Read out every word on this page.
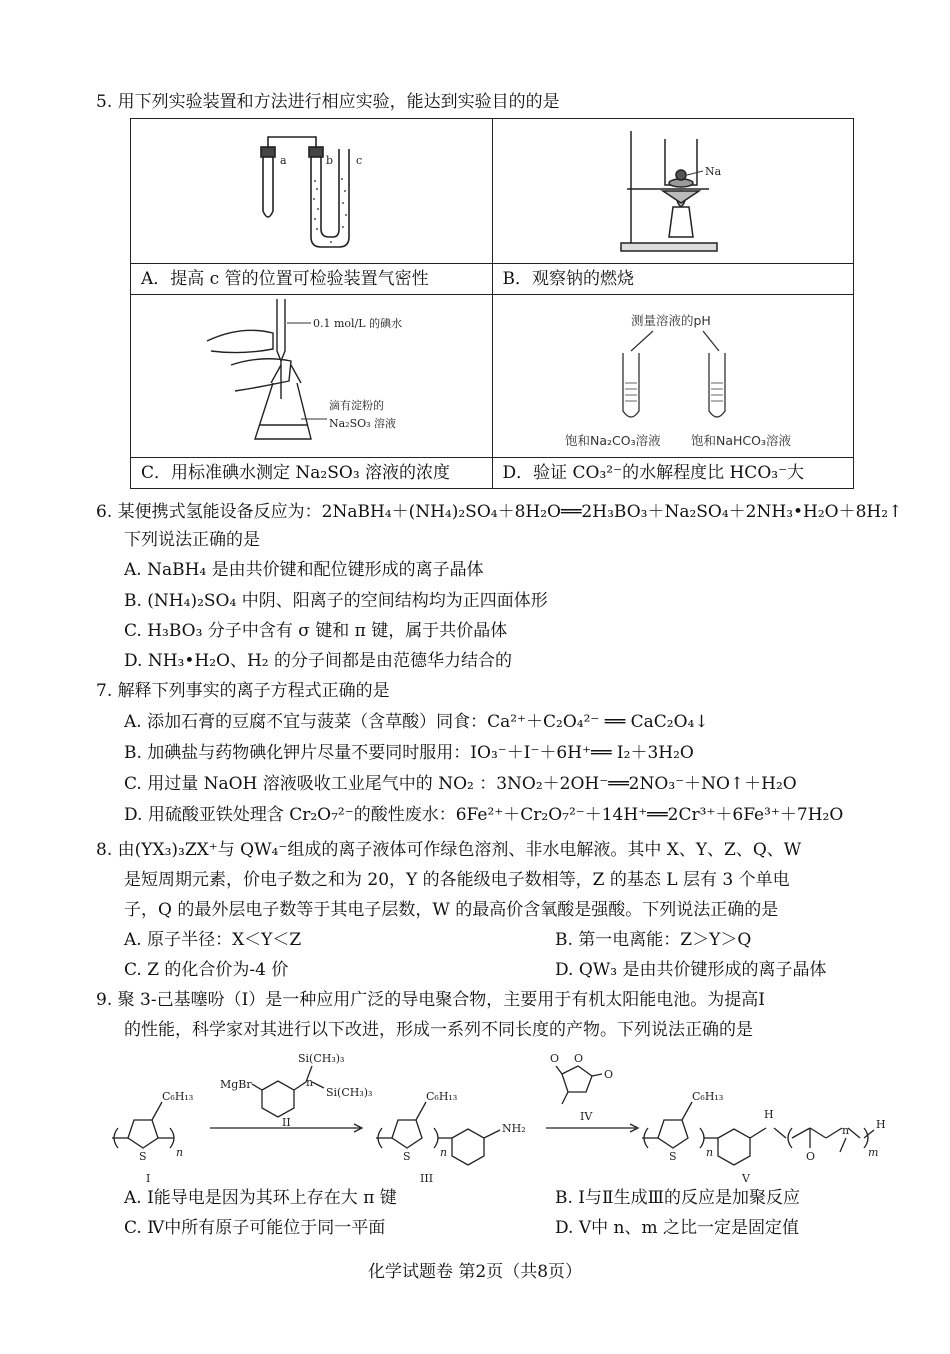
5. 用下列实验装置和方法进行相应实验，能达到实验目的的是
a b c	Na

A．提高 c 管的位置可检验装置气密性	B．观察钠的燃烧

0.1 mol/L 的碘水
滴有淀粉的
Na₂SO₃ 溶液	测量溶液的pH
饱和Na₂CO₃溶液 饱和NaHCO₃溶液

C．用标准碘水测定 Na₂SO₃ 溶液的浓度	D．验证 CO₃²⁻的水解程度比 HCO₃⁻大
6. 某便携式氢能设备反应为：2NaBH₄＋(NH₄)₂SO₄＋8H₂O══2H₃BO₃＋Na₂SO₄＋2NH₃•H₂O＋8H₂↑
下列说法正确的是
A. NaBH₄ 是由共价键和配位键形成的离子晶体
B. (NH₄)₂SO₄ 中阴、阳离子的空间结构均为正四面体形
C. H₃BO₃ 分子中含有 σ 键和 π 键，属于共价晶体
D. NH₃•H₂O、H₂ 的分子间都是由范德华力结合的
7. 解释下列事实的离子方程式正确的是
A. 添加石膏的豆腐不宜与菠菜（含草酸）同食：Ca²⁺＋C₂O₄²⁻ ══ CaC₂O₄↓
B. 加碘盐与药物碘化钾片尽量不要同时服用：IO₃⁻＋I⁻＋6H⁺══ I₂＋3H₂O
C. 用过量 NaOH 溶液吸收工业尾气中的 NO₂ ：3NO₂＋2OH⁻══2NO₃⁻＋NO↑＋H₂O
D. 用硫酸亚铁处理含 Cr₂O₇²⁻的酸性废水：6Fe²⁺＋Cr₂O₇²⁻＋14H⁺══2Cr³⁺＋6Fe³⁺＋7H₂O
8. 由(YX₃)₃ZX⁺与 QW₄⁻组成的离子液体可作绿色溶剂、非水电解液。其中 X、Y、Z、Q、W
是短周期元素，价电子数之和为 20，Y 的各能级电子数相等，Z 的基态 L 层有 3 个单电
子，Q 的最外层电子数等于其电子层数，W 的最高价含氧酸是强酸。下列说法正确的是
A. 原子半径：X＜Y＜Z	B. 第一电离能：Z＞Y＞Q
C. Z 的化合价为-4 价	D. QW₃ 是由共价键形成的离子晶体
9. 聚 3-己基噻吩（Ⅰ）是一种应用广泛的导电聚合物，主要用于有机太阳能电池。为提高Ⅰ
的性能，科学家对其进行以下改进，形成一系列不同长度的产物。下列说法正确的是
C₆H₁₃
S	n
I
MgBr	n
Si(CH₃)₃
Si(CH₃)₃
II
C₆H₁₃
S	n
NH₂
III
O O
O
IV
C₆H₁₃
S	n
H
O
n
m
H
V
A. Ⅰ能导电是因为其环上存在大 π 键	B. Ⅰ与Ⅱ生成Ⅲ的反应是加聚反应
C. Ⅳ中所有原子可能位于同一平面	D. Ⅴ中 n、m 之比一定是固定值
化学试题卷 第2页（共8页）
